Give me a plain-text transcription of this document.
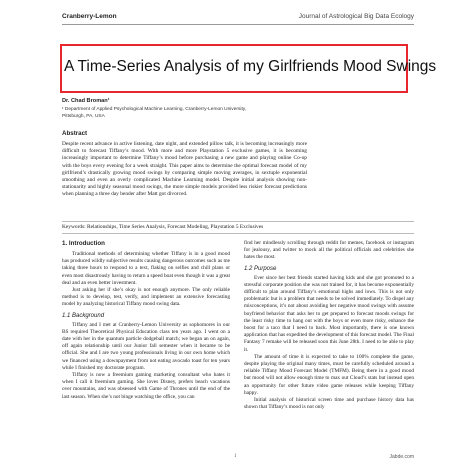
Cranberry-Lemon	Journal of Astrological Big Data Ecology
A Time-Series Analysis of my Girlfriends Mood Swings
Dr. Chad Broman¹
¹ Department of Applied Psychological Machine Learning, Cranberry-Lemon University, Pittsburgh, PA, USA
Abstract
Despite recent advance in active listening, date night, and extended pillow talk, it is becoming increasingly more difficult to forecast Tiffany’s mood. With more and more Playstation 5 exclusive games, it is becoming increasingly important to determine Tiffany’s mood before purchasing a new game and playing online Co-op with the boys every evening for a week straight. This paper aims to determine the optimal forecast model of my girlfriend’s drastically growing mood swings by comparing simple moving averages, in sextuple exponential smoothing and even an overly complicated Machine Learning model. Despite initial analysis showing non-stationarity and highly seasonal mood swings, the more simple models provided less riskier forecast predictions when planning a three day bender after Matt got divorced.
Keywords: Relationships, Time Series Analysis, Forecast Modeling, Playstation 5 Exclusives
1. Introduction

Traditional methods of determining whether Tiffany is in a good mood has produced wildly subjective results causing dangerous outcomes such as me taking three hours to respond to a text, flaking on selfies and chill plans or even most disastrously having to return a speed boat even though it was a great deal and an even better investment.

Just asking her if she’s okay is not enough anymore. The only reliable method is to develop, test, verify, and implement an extensive forecasting model by analyzing historical Tiffany mood swing data.

1.1 Background

Tiffany and I met at Cranberry-Lemon University as sophomores in our BS required Theoretical Physical Education class ten years ago. I went on a date with her in the quantum particle dodgeball match; we began an on again, off again relationship until our Junior fall semester when it became to be official. She and I are two young professionals living in our own home which we financed using a downpayment from not eating avocado toast for ten years while I finished my doctorate program.

Tiffany is now a freemium gaming marketing consultant who hates it when I call it freemium gaming. She loves Disney, prefers beach vacations over mountains, and was obsessed with Game of Thrones until the end of the last season. When she’s not binge watching the office, you can

find her mindlessly scrolling through reddit for memes, facebook or instagram for jealousy, and twitter to mock all the political officials and celebrities she hates the most.

1.2 Purpose

Ever since her best friends started having kids and she got promoted to a stressful corporate position she was not trained for, it has become exponentially difficult to plan around Tiffany’s emotional highs and lows. This is not only problematic but is a problem that needs to be solved immediately. To dispel any misconceptions, it’s not about avoiding her negative mood swings with assume boyfriend behavior that asks her to get prepared to forecast moods swings for the least risky time to hang out with the boys or even more risky, enhance the boost for a taco that I need to back. Most importantly, there is one known application that has expedited the development of this forecast model. The Final Fantasy 7 remake will be released soon this June 28th. I need to be able to play it.

The amount of time it is expected to take to 100% complete the game, despite playing the original many times, must be carefully scheduled around a reliable Tiffany Mood Forecast Model (TMFM). Being there in a good mood but mood will not allow enough time to max out Cloud’s stats but instead open an opportunity for other future video game releases while keeping Tiffany happy.

Initial analysis of historical screen time and purchase history data has shown that Tiffany’s mood is not only

1	Jabde.com
